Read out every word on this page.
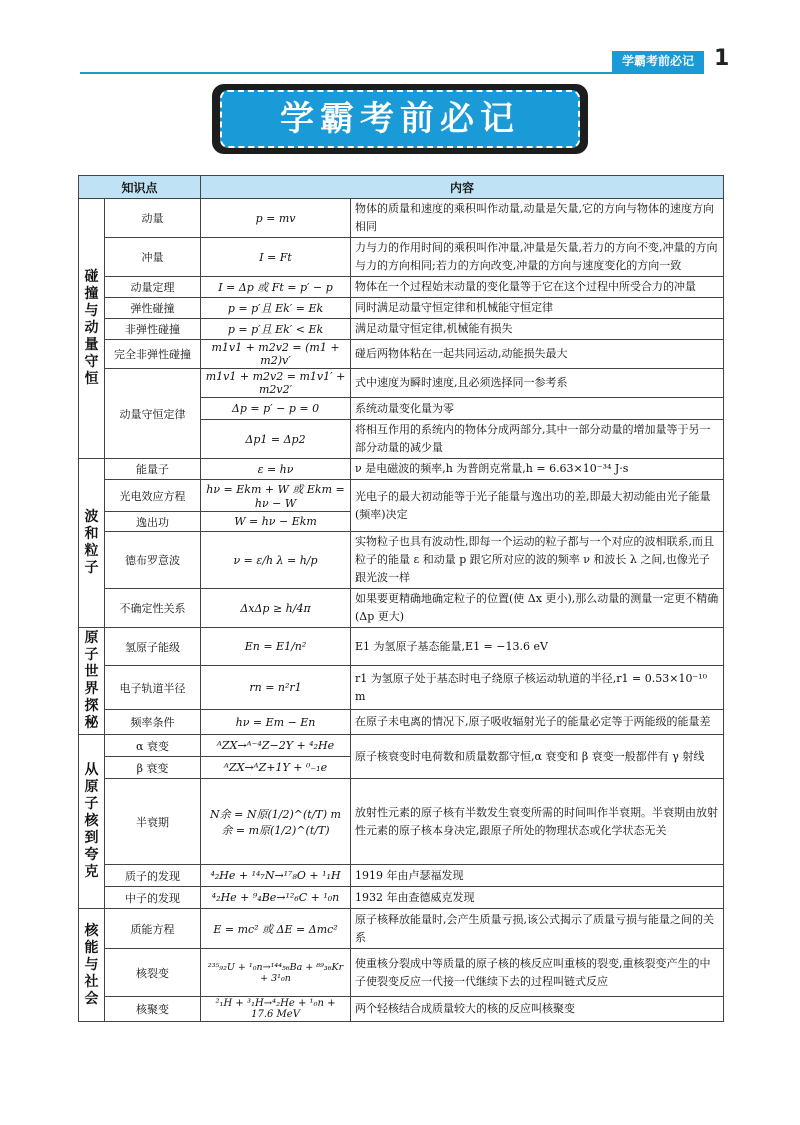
学霸考前必记 1
学霸考前必记
知识点		内容	
碰撞与动量守恒	动量	p = mv	物体的质量和速度的乘积叫作动量,动量是矢量,它的方向与物体的速度方向相同
	冲量	I = Ft	力与力的作用时间的乘积叫作冲量,冲量是矢量,若力的方向不变,冲量的方向与力的方向相同;若力的方向改变,冲量的方向与速度变化的方向一致
	动量定理	I = Δp 或 Ft = p′ − p	物体在一个过程始末动量的变化量等于它在这个过程中所受合力的冲量
	弹性碰撞	p = p′且 Ek′ = Ek	同时满足动量守恒定律和机械能守恒定律
	非弹性碰撞	p = p′且 Ek′ < Ek	满足动量守恒定律,机械能有损失
	完全非弹性碰撞	m1v1 + m2v2 = (m1 + m2)v′	碰后两物体粘在一起共同运动,动能损失最大
	动量守恒定律	m1v1 + m2v2 = m1v1′ + m2v2′	式中速度为瞬时速度,且必须选择同一参考系
		Δp = p′ − p = 0	系统动量变化量为零
		Δp1 = Δp2	将相互作用的系统内的物体分成两部分,其中一部分动量的增加量等于另一部分动量的减少量
波和粒子	能量子	ε = hν	ν 是电磁波的频率,h 为普朗克常量,h = 6.63×10⁻³⁴ J·s
	光电效应方程	hν = Ekm + W 或 Ekm = hν − W	光电子的最大初动能等于光子能量与逸出功的差,即最大初动能由光子能量(频率)决定
	逸出功	W = hν − Ekm	
	德布罗意波	ν = ε/h λ = h/p	实物粒子也具有波动性,即每一个运动的粒子都与一个对应的波相联系,而且粒子的能量 ε 和动量 p 跟它所对应的波的频率 ν 和波长 λ 之间,也像光子跟光波一样
	不确定性关系	ΔxΔp ≥ h/4π	如果要更精确地确定粒子的位置(使 Δx 更小),那么动量的测量一定更不精确(Δp 更大)
原子世界探秘	氢原子能级	En = E1/n²	E1 为氢原子基态能量,E1 = −13.6 eV
	电子轨道半径	rn = n²r1	r1 为氢原子处于基态时电子绕原子核运动轨道的半径,r1 = 0.53×10⁻¹⁰ m
	频率条件	hν = Em − En	在原子未电离的情况下,原子吸收辐射光子的能量必定等于两能级的能量差
从原子核到夸克	α 衰变	ᴬZX→ᴬ⁻⁴Z−2Y + ⁴₂He	原子核衰变时电荷数和质量数都守恒,α 衰变和 β 衰变一般都伴有 γ 射线
	β 衰变	ᴬZX→ᴬZ+1Y + ⁰₋₁e	
	半衰期	N余 = N原(1/2)^(t/T) m余 = m原(1/2)^(t/T)	放射性元素的原子核有半数发生衰变所需的时间叫作半衰期。半衰期由放射性元素的原子核本身决定,跟原子所处的物理状态或化学状态无关
	质子的发现	⁴₂He + ¹⁴₇N→¹⁷₈O + ¹₁H	1919 年由卢瑟福发现
	中子的发现	⁴₂He + ⁹₄Be→¹²₆C + ¹₀n	1932 年由查德威克发现
核能与社会	质能方程	E = mc² 或 ΔE = Δmc²	原子核释放能量时,会产生质量亏损,该公式揭示了质量亏损与能量之间的关系
	核裂变	²³⁵₉₂U + ¹₀n→¹⁴⁴₅₆Ba + ⁸⁹₃₆Kr + 3¹₀n	使重核分裂成中等质量的原子核的核反应叫重核的裂变,重核裂变产生的中子使裂变反应一代接一代继续下去的过程叫链式反应
	核聚变	²₁H + ³₁H→⁴₂He + ¹₀n + 17.6 MeV	两个轻核结合成质量较大的核的反应叫核聚变
